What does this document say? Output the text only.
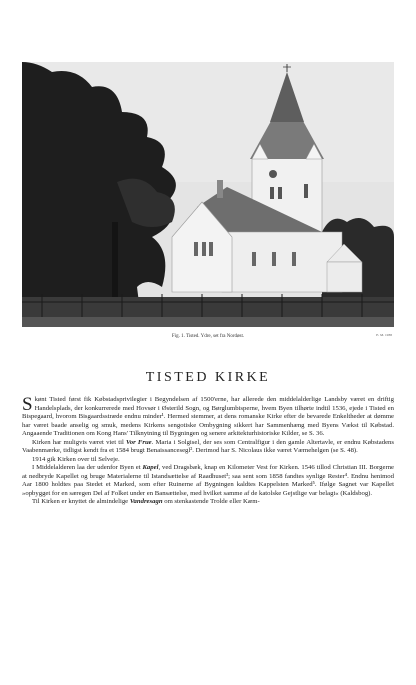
Fig. 1. Tisted. Ydre, set fra Nordøst.	E. M. 1938
TISTED KIRKE

Skønt Tisted først fik Købstadsprivilegier i Begyndelsen af 1500'erne, har allerede den middelalderlige Landsby været en driftig Handelsplads, der konkurrerede med Hovsør i Østerild Sogn, og Børglumbisperne, hvem Byen tilhørte indtil 1536, ejede i Tisted en Bispegaard, hvorom Bisgaardsstræde endnu minder¹. Hermed stemmer, at dens romanske Kirke efter de bevarede Enkeltheder at dømme har været baade anselig og smuk, medens Kirkens sengotiske Ombygning sikkert har Sammenhæng med Byens Vækst til Købstad. Angaaende Traditionen om Kong Hans' Tilknytning til Bygningen og senere arkitekturhistoriske Kilder, se S. 36.

Kirken har muligvis været viet til Vor Frue. Maria i Solgisel, der ses som Centralfigur i den gamle Altertavle, er endnu Købstadens Vaabenmærke, tidligst kendt fra et 1584 brugt Benaissancesegl². Derimod har S. Nicolaus ikke været Værnehelgen (se S. 48).

1914 gik Kirken over til Selveje.

I Middelalderen laa der udenfor Byen et Kapel, ved Dragsbæk, knap en Kilometer Vest for Kirken. 1546 tillod Christian III. Borgerne at nedbryde Kapellet og bruge Materialerne til Istandsættelse af Raadhuset³; saa sent som 1858 fandtes synlige Rester⁴. Endnu henimod Aar 1800 holdtes paa Stedet et Marked, som efter Ruinerne af Bygningen kaldtes Kappelsten Marked⁵. Ifølge Sagnet var Kapellet »opbygget for en særegen Del af Folket under en Bansættelse, med hvilket samme af de katolske Gejstlige var belagt« (Kaldsbog).

Til Kirken er knyttet de almindelige Vandresagn om stenkastende Trolde eller Kæm-
